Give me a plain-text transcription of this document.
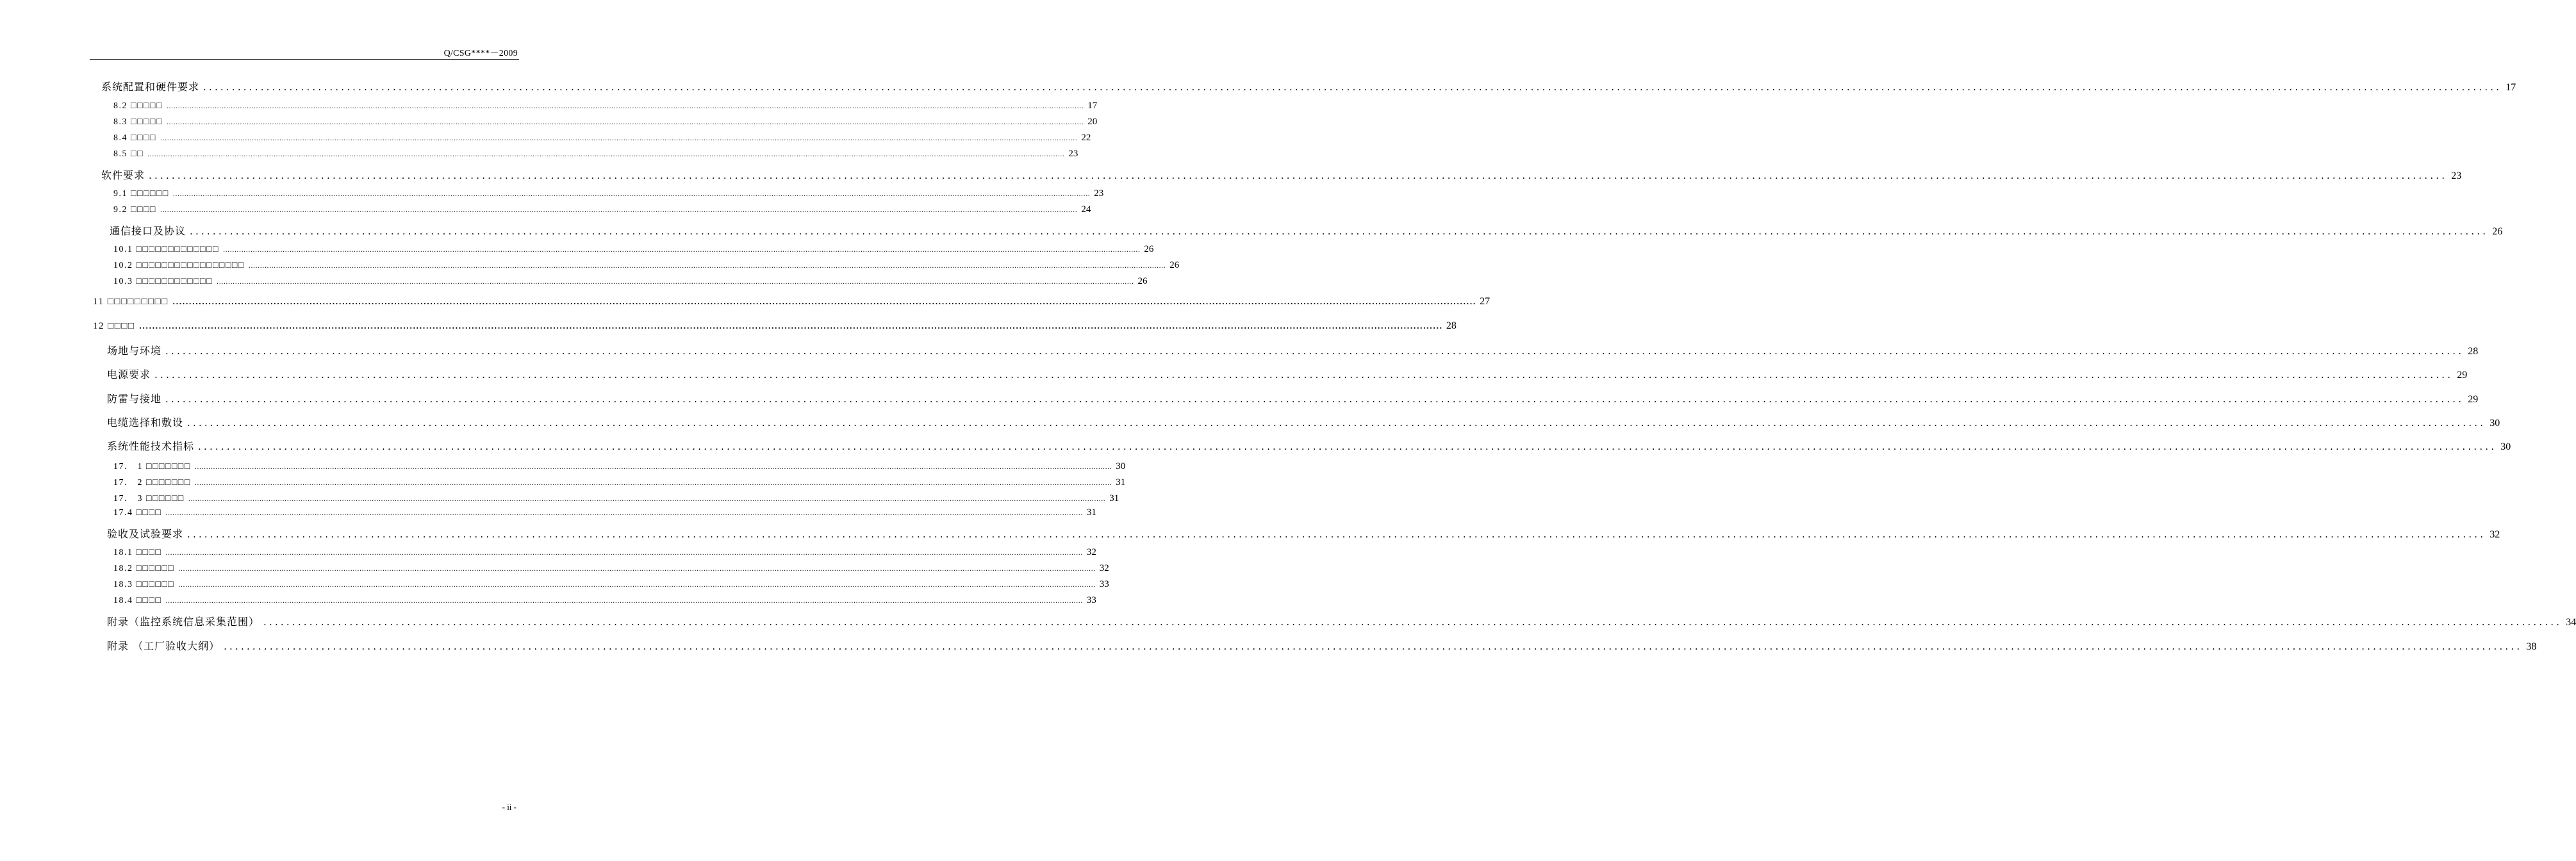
Q/CSG****－2009
系统配置和硬件要求 ................................................................................................................................................................................................................................................................................................................................................................................................................ 17
8.2 □□□□□ ................................................................................................................................................................................................................................................................................................................................................................................................................ 17
8.3 □□□□□ ................................................................................................................................................................................................................................................................................................................................................................................................................ 20
8.4 □□□□ ................................................................................................................................................................................................................................................................................................................................................................................................................ 22
8.5 □□ ................................................................................................................................................................................................................................................................................................................................................................................................................ 23
软件要求 ................................................................................................................................................................................................................................................................................................................................................................................................................ 23
9.1 □□□□□□ ................................................................................................................................................................................................................................................................................................................................................................................................................ 23
9.2 □□□□ ................................................................................................................................................................................................................................................................................................................................................................................................................ 24
通信接口及协议 ................................................................................................................................................................................................................................................................................................................................................................................................................ 26
10.1 □□□□□□□□□□□□□ ................................................................................................................................................................................................................................................................................................................................................................................................................ 26
10.2 □□□□□□□□□□□□□□□□□ ................................................................................................................................................................................................................................................................................................................................................................................................................ 26
10.3 □□□□□□□□□□□□ ................................................................................................................................................................................................................................................................................................................................................................................................................ 26
11 □□□□□□□□□ ................................................................................................................................................................................................................................................................................................................................................................................................................ 27
12 □□□□ ................................................................................................................................................................................................................................................................................................................................................................................................................ 28
场地与环境 ................................................................................................................................................................................................................................................................................................................................................................................................................ 28
电源要求 ................................................................................................................................................................................................................................................................................................................................................................................................................ 29
防雷与接地 ................................................................................................................................................................................................................................................................................................................................................................................................................ 29
电缆选择和敷设 ................................................................................................................................................................................................................................................................................................................................................................................................................ 30
系统性能技术指标 ................................................................................................................................................................................................................................................................................................................................................................................................................ 30
17． 1 □□□□□□□ ................................................................................................................................................................................................................................................................................................................................................................................................................ 30
17． 2 □□□□□□□ ................................................................................................................................................................................................................................................................................................................................................................................................................ 31
17． 3 □□□□□□ ................................................................................................................................................................................................................................................................................................................................................................................................................ 31
17.4 □□□□ ................................................................................................................................................................................................................................................................................................................................................................................................................ 31
验收及试验要求 ................................................................................................................................................................................................................................................................................................................................................................................................................ 32
18.1 □□□□ ................................................................................................................................................................................................................................................................................................................................................................................................................ 32
18.2 □□□□□□ ................................................................................................................................................................................................................................................................................................................................................................................................................ 32
18.3 □□□□□□ ................................................................................................................................................................................................................................................................................................................................................................................................................ 33
18.4 □□□□ ................................................................................................................................................................................................................................................................................................................................................................................................................ 33
附录（监控系统信息采集范围） ................................................................................................................................................................................................................................................................................................................................................................................................................ 34
附录 （工厂验收大纲） ................................................................................................................................................................................................................................................................................................................................................................................................................ 38
- ii -
